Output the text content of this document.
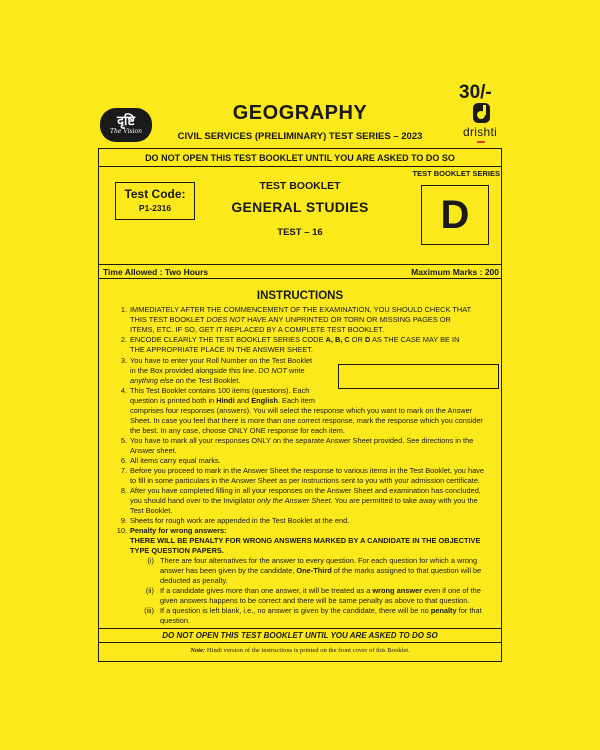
दृष्टि
The Vision
GEOGRAPHY
CIVIL SERVICES (PRELIMINARY) TEST SERIES – 2023
30/-
drishti
DO NOT OPEN THIS TEST BOOKLET UNTIL YOU ARE ASKED TO DO SO
TEST BOOKLET SERIES
Test Code:
P1-2316
TEST BOOKLET
GENERAL STUDIES
TEST – 16	D
Time Allowed : Two Hours	Maximum Marks : 200
INSTRUCTIONS
1. IMMEDIATELY AFTER THE COMMENCEMENT OF THE EXAMINATION, YOU SHOULD CHECK THAT
THIS TEST BOOKLET DOES NOT HAVE ANY UNPRINTED OR TORN OR MISSING PAGES OR
ITEMS, ETC. IF SO, GET IT REPLACED BY A COMPLETE TEST BOOKLET.
2. ENCODE CLEARLY THE TEST BOOKLET SERIES CODE A, B, C OR D AS THE CASE MAY BE IN
THE APPROPRIATE PLACE IN THE ANSWER SHEET.
3. You have to enter your Roll Number on the Test Booklet
in the Box provided alongside this line. DO NOT write
anything else on the Test Booklet.
4. This Test Booklet contains 100 items (questions). Each
question is printed both in Hindi and English. Each item
comprises four responses (answers). You will select the response which you want to mark on the Answer
Sheet. In case you feel that there is more than one correct response, mark the response which you consider
the best. In any case, choose ONLY ONE response for each item.
5. You have to mark all your responses ONLY on the separate Answer Sheet provided. See directions in the
Answer sheet.
6. All items carry equal marks.
7. Before you proceed to mark in the Answer Sheet the response to various items in the Test Booklet, you have
to fill in some particulars in the Answer Sheet as per instructions sent to you with your admission certificate.
8. After you have completed filling in all your responses on the Answer Sheet and examination has concluded,
you should hand over to the Invigilator only the Answer Sheet. You are permitted to take away with you the
Test Booklet.
9. Sheets for rough work are appended in the Test Booklet at the end.
10. Penalty for wrong answers:
THERE WILL BE PENALTY FOR WRONG ANSWERS MARKED BY A CANDIDATE IN THE OBJECTIVE
TYPE QUESTION PAPERS.
(i) There are four alternatives for the answer to every question. For each question for which a wrong
answer has been given by the candidate, One-Third of the marks assigned to that question will be
deducted as penalty.
(ii) If a candidate gives more than one answer, it will be treated as a wrong answer even if one of the
given answers happens to be correct and there will be same penalty as above to that question.
(iii) If a question is left blank, i.e., no answer is given by the candidate, there will be no penalty for that
question.
DO NOT OPEN THIS TEST BOOKLET UNTIL YOU ARE ASKED TO DO SO
Note: Hindi version of the instructions is printed on the front cover of this Booklet.
